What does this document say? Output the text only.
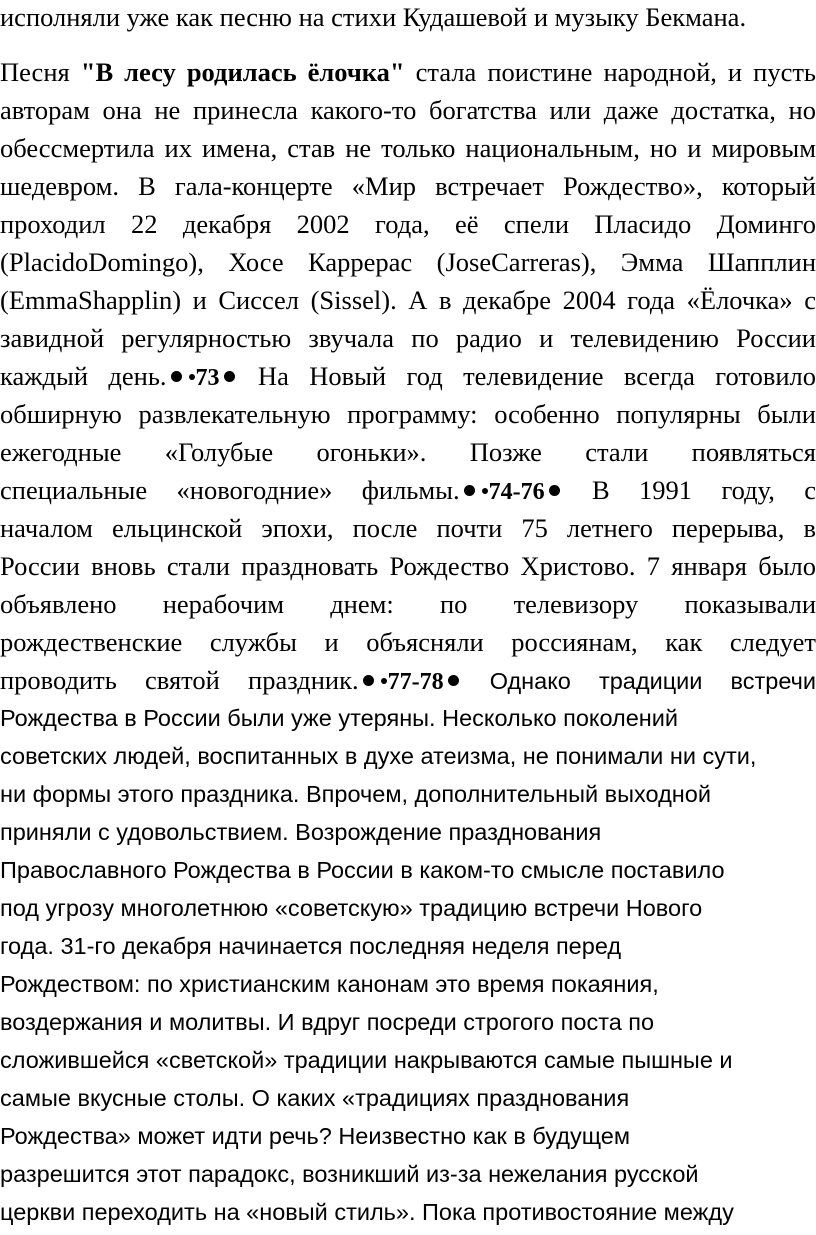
исполняли уже как песню на стихи Кудашевой и музыку Бекмана.
Песня "В лесу родилась ёлочка" стала поистине народной, и пусть
авторам она не принесла какого-то богатства или даже достатка, но
обессмертила их имена, став не только национальным, но и мировым
шедевром. В гала-концерте «Мир встречает Рождество», который
проходил 22 декабря 2002 года, её спели Пласидо Доминго
(PlacidoDomingo), Хосе Каррерас (JoseCarreras), Эмма Шапплин
(EmmaShapplin) и Сиссел (Sissel). А в декабре 2004 года «Ёлочка» с
завидной регулярностью звучала по радио и телевидению России
каждый день. 73 На Новый год телевидение всегда готовило
обширную развлекательную программу: особенно популярны были
ежегодные «Голубые огоньки». Позже стали появляться
специальные «новогодние» фильмы. 74-76 В 1991 году, с
началом ельцинской эпохи, после почти 75 летнего перерыва, в
России вновь стали праздновать Рождество Христово. 7 января было
объявлено нерабочим днем: по телевизору показывали
рождественские службы и объясняли россиянам, как следует
проводить святой праздник. 77-78 Однако традиции встречи
Рождества в России были уже утеряны. Несколько поколений
советских людей, воспитанных в духе атеизма, не понимали ни сути,
ни формы этого праздника. Впрочем, дополнительный выходной
приняли с удовольствием. Возрождение празднования
Православного Рождества в России в каком-то смысле поставило
под угрозу многолетнюю «советскую» традицию встречи Нового
года. 31-го декабря начинается последняя неделя перед
Рождеством: по христианским канонам это время покаяния,
воздержания и молитвы. И вдруг посреди строгого поста по
сложившейся «светской» традиции накрываются самые пышные и
самые вкусные столы. О каких «традициях празднования
Рождества» может идти речь? Неизвестно как в будущем
разрешится этот парадокс, возникший из-за нежелания русской
церкви переходить на «новый стиль». Пока противостояние между
